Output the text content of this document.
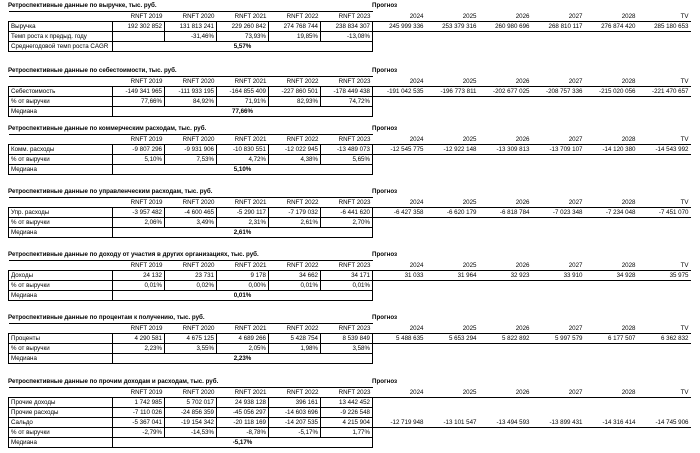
Ретроспективные данные по выручке, тыс. руб.	Прогноз
	RNFT 2019	RNFT 2020	RNFT 2021	RNFT 2022	RNFT 2023	2024	2025	2026	2027	2028	TV
Выручка	192 302 852	131 813 241	229 260 842	274 768 744	238 834 307	245 999 336	253 379 316	260 980 696	268 810 117	276 874 420	285 180 653
Темп роста к предыд. году		-31,46%	73,93%	19,85%	-13,08%						
Среднегодовой темп роста CAGR	5,57%										
Ретроспективные данные по себестоимости, тыс. руб.	Прогноз
	RNFT 2019	RNFT 2020	RNFT 2021	RNFT 2022	RNFT 2023	2024	2025	2026	2027	2028	TV
Себестоимость	-149 341 965	-111 933 195	-164 855 409	-227 860 501	-178 449 438	-191 042 535	-196 773 811	-202 677 025	-208 757 336	-215 020 056	-221 470 657
% от выручки	77,66%	84,92%	71,91%	82,93%	74,72%						
Медиана	77,66%										
Ретроспективные данные по коммерческим расходам, тыс. руб.	Прогноз
	RNFT 2019	RNFT 2020	RNFT 2021	RNFT 2022	RNFT 2023	2024	2025	2026	2027	2028	TV
Комм. расходы	-9 807 296	-9 931 906	-10 830 551	-12 022 945	-13 489 073	-12 545 775	-12 922 148	-13 309 813	-13 709 107	-14 120 380	-14 543 992
% от выручки	5,10%	7,53%	4,72%	4,38%	5,65%						
Медиана	5,10%										
Ретроспективные данные по управленческим расходам, тыс. руб.	Прогноз
	RNFT 2019	RNFT 2020	RNFT 2021	RNFT 2022	RNFT 2023	2024	2025	2026	2027	2028	TV
Упр. расходы	-3 957 482	-4 600 465	-5 290 117	-7 179 032	-6 441 620	-6 427 358	-6 620 179	-6 818 784	-7 023 348	-7 234 048	-7 451 070
% от выручки	2,06%	3,49%	2,31%	2,61%	2,70%						
Медиана	2,61%										
Ретроспективные данные по доходу от участия в других организациях, тыс. руб.	Прогноз
	RNFT 2019	RNFT 2020	RNFT 2021	RNFT 2022	RNFT 2023	2024	2025	2026	2027	2028	TV
Доходы	24 132	23 731	9 178	34 662	34 171	31 033	31 964	32 923	33 910	34 928	35 975
% от выручки	0,01%	0,02%	0,00%	0,01%	0,01%						
Медиана	0,01%										
Ретроспективные данные по процентам к получению, тыс. руб.	Прогноз
	RNFT 2019	RNFT 2020	RNFT 2021	RNFT 2022	RNFT 2023	2024	2025	2026	2027	2028	TV
Проценты	4 290 581	4 675 125	4 689 266	5 428 754	8 539 849	5 488 635	5 653 294	5 822 892	5 997 579	6 177 507	6 362 832
% от выручки	2,23%	3,55%	2,05%	1,98%	3,58%						
Медиана	2,23%										
Ретроспективные данные по прочим доходам и расходам, тыс. руб.	Прогноз
	RNFT 2019	RNFT 2020	RNFT 2021	RNFT 2022	RNFT 2023	2024	2025	2026	2027	2028	TV
Прочие доходы	1 742 985	5 702 017	24 938 128	396 161	13 442 452						
Прочие расходы	-7 110 026	-24 856 359	-45 056 297	-14 603 696	-9 226 548						
Сальдо	-5 367 041	-19 154 342	-20 118 169	-14 207 535	4 215 904	-12 719 948	-13 101 547	-13 494 593	-13 899 431	-14 316 414	-14 745 906
% от выручки	-2,79%	-14,53%	-8,78%	-5,17%	1,77%						
Медиана	-5,17%										
